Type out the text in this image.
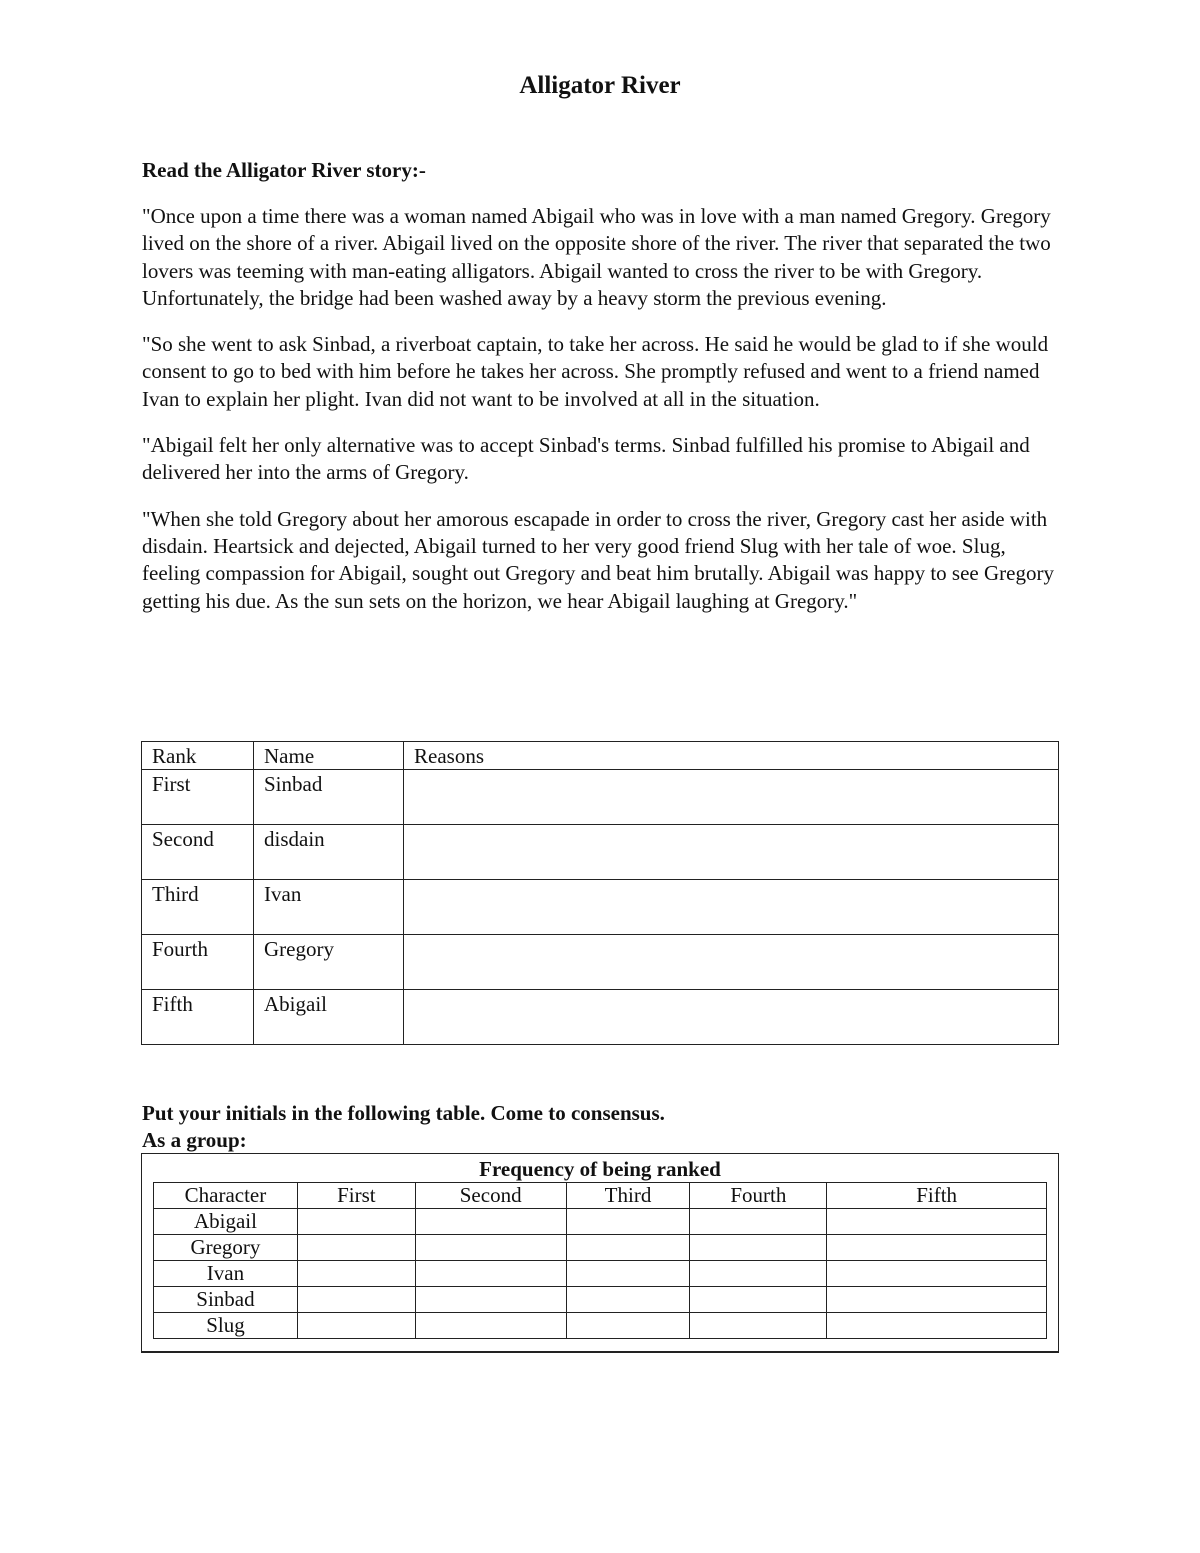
Alligator River
Read the Alligator River story:-

"Once upon a time there was a woman named Abigail who was in love with a man named Gregory. Gregory lived on the shore of a river. Abigail lived on the opposite shore of the river. The river that separated the two lovers was teeming with man-eating alligators. Abigail wanted to cross the river to be with Gregory. Unfortunately, the bridge had been washed away by a heavy storm the previous evening.

"So she went to ask Sinbad, a riverboat captain, to take her across. He said he would be glad to if she would consent to go to bed with him before he takes her across. She promptly refused and went to a friend named Ivan to explain her plight. Ivan did not want to be involved at all in the situation.

"Abigail felt her only alternative was to accept Sinbad's terms. Sinbad fulfilled his promise to Abigail and delivered her into the arms of Gregory.

"When she told Gregory about her amorous escapade in order to cross the river, Gregory cast her aside with disdain. Heartsick and dejected, Abigail turned to her very good friend Slug with her tale of woe. Slug, feeling compassion for Abigail, sought out Gregory and beat him brutally. Abigail was happy to see Gregory getting his due. As the sun sets on the horizon, we hear Abigail laughing at Gregory."

Rank	Name	Reasons
First	Sinbad	
Second	disdain	
Third	Ivan	
Fourth	Gregory	
Fifth	Abigail	
Put your initials in the following table. Come to consensus.
As a group:
Frequency of being ranked
Character	First	Second	Third	Fourth	Fifth
Abigail					
Gregory					
Ivan					
Sinbad					
Slug					
